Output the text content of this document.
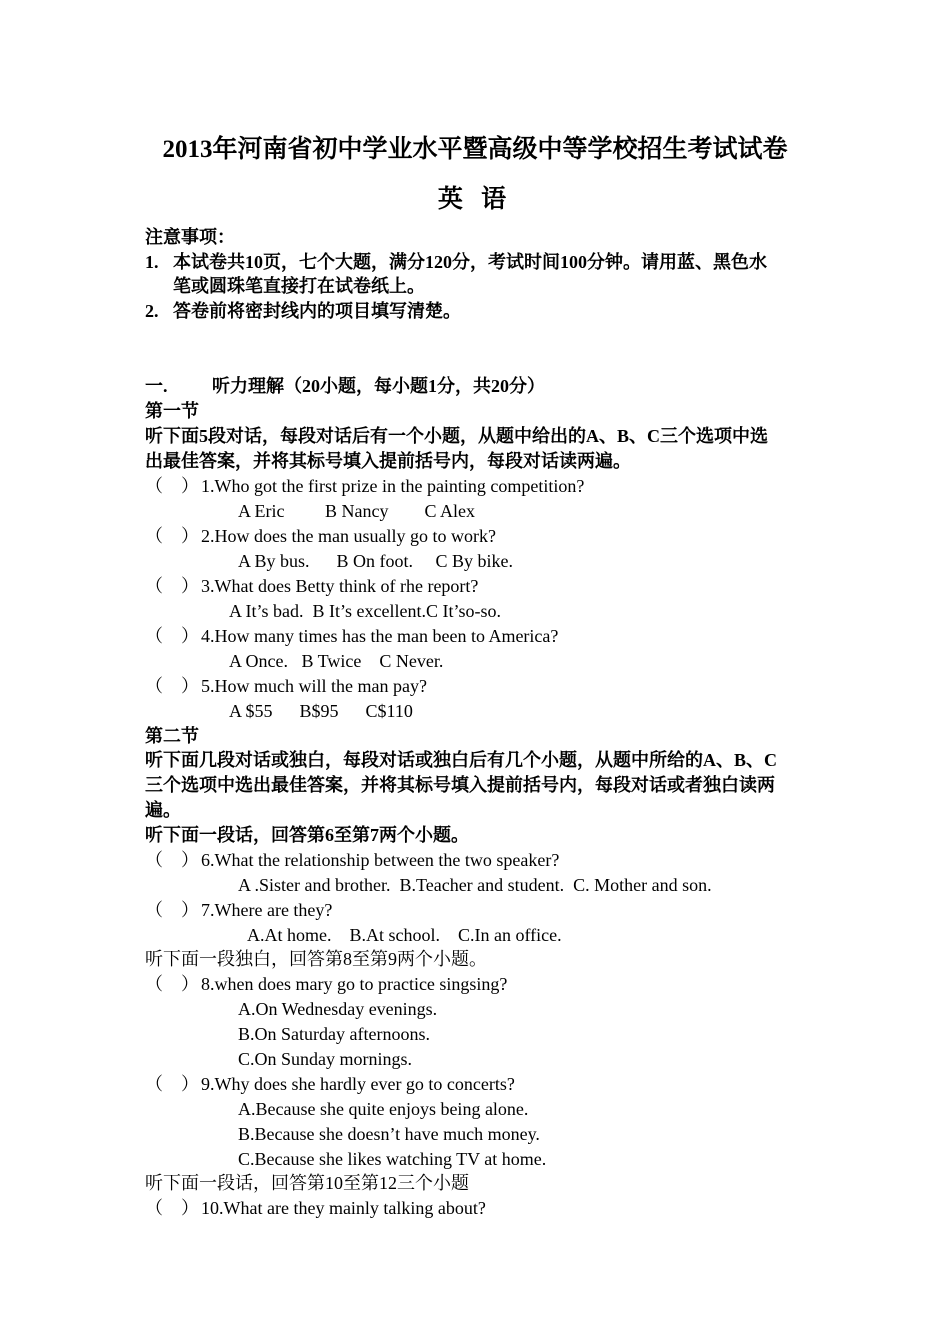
2013年河南省初中学业水平暨高级中等学校招生考试试卷
英 语
注意事项：
1. 本试卷共10页，七个大题，满分120分，考试时间100分钟。请用蓝、黑色水
笔或圆珠笔直接打在试卷纸上。
2. 答卷前将密封线内的项目填写清楚。
一. 听力理解（20小题，每小题1分，共20分）
第一节
听下面5段对话，每段对话后有一个小题，从题中给出的A、B、C三个选项中选
出最佳答案，并将其标号填入提前括号内，每段对话读两遍。
（　） 1.Who got the first prize in the painting competition?
A Eric         B Nancy        C Alex
（　） 2.How does the man usually go to work?
A By bus.      B On foot.     C By bike.
（　） 3.What does Betty think of rhe report?
A It’s bad.  B It’s excellent.C It’so-so.
（　） 4.How many times has the man been to America?
A Once.   B Twice    C Never.
（　） 5.How much will the man pay?
A $55      B$95      C$110
第二节
听下面几段对话或独白，每段对话或独白后有几个小题，从题中所给的A、B、C
三个选项中选出最佳答案，并将其标号填入提前括号内，每段对话或者独白读两
遍。
听下面一段话，回答第6至第7两个小题。
（　） 6.What the relationship between the two speaker?
A .Sister and brother.  B.Teacher and student.  C. Mother and son.
（　） 7.Where are they?
A.At home.    B.At school.    C.In an office.
听下面一段独白，回答第8至第9两个小题。
（　） 8.when does mary go to practice singsing?
A.On Wednesday evenings.
B.On Saturday afternoons.
C.On Sunday mornings.
（　） 9.Why does she hardly ever go to concerts?
A.Because she quite enjoys being alone.
B.Because she doesn’t have much money.
C.Because she likes watching TV at home.
听下面一段话，回答第10至第12三个小题
（　） 10.What are they mainly talking about?
